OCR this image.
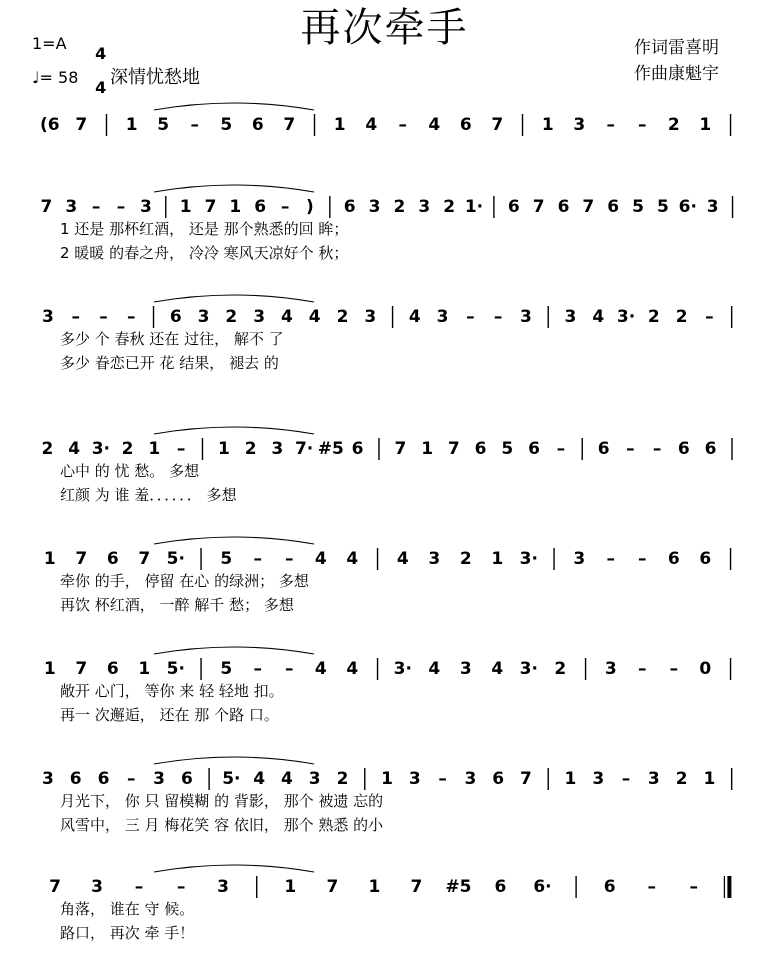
再次牵手
1=A

4

4

♩= 58 深情忧愁地
作词雷喜明
作曲康魁宇
(6 7 1 5 – 5 6 7 1 4 – 4 6 7 1 3 – – 2 1
7 3 – – 3 1 7 1 6 – ) 6 3 2 3 2 1· 6 7 6 7 6 5 5 6· 3
1 还是 那杯红酒， 还是 那个熟悉的回 眸；
2 暖暖 的春之舟， 冷冷 寒风天凉好个 秋；
3 – – – 6 3 2 3 4 4 2 3 4 3 – – 3 3 4 3· 2 2 –
多少 个 春秋 还在 过往， 解不 了
多少 眷恋已开 花 结果， 褪去 的
2 4 3· 2 1 – 1 2 3 7· #5 6 7 1 7 6 5 6 – 6 – – 6 6
心中 的 忧 愁。 多想
红颜 为 谁 羞．．．．．． 多想
1 7 6 7 5· 5 – – 4 4 4 3 2 1 3· 3 – – 6 6
牵你 的手， 停留 在心 的绿洲； 多想
再饮 杯红酒， 一醉 解千 愁； 多想
1 7 6 1 5· 5 – – 4 4 3· 4 3 4 3· 2 3 – – 0
敞开 心门， 等你 来 轻 轻地 扣。
再一 次邂逅， 还在 那 个路 口。
3 6 6 – 3 6 5· 4 4 3 2 1 3 – 3 6 7 1 3 – 3 2 1
月光下， 你 只 留模糊 的 背影， 那个 被遗 忘的
风雪中， 三 月 梅花笑 容 依旧， 那个 熟悉 的小
7 3 – – 3	1 7 1 7 #5 6 6·	6 – –
角落， 谁在 守 候。
路口， 再次 牵 手！
